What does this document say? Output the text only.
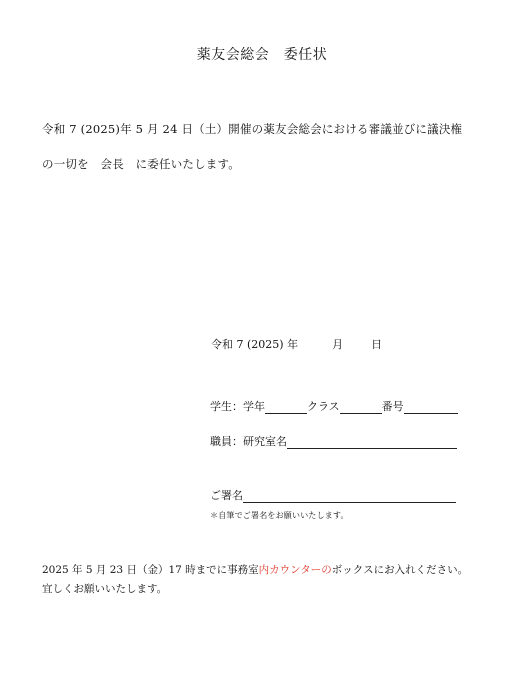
薬友会総会　委任状
令和 7 (2025)年 5 月 24 日（土）開催の薬友会総会における審議並びに議決権
の一切を　会長　に委任いたします。
令和 7 (2025) 年	月	日
学生：学年	クラス	番号
職員：研究室名
ご署名
＊自筆でご署名をお願いいたします。
2025 年 5 月 23 日（金）17 時までに事務室内カウンターのボックスにお入れください。
宜しくお願いいたします。
